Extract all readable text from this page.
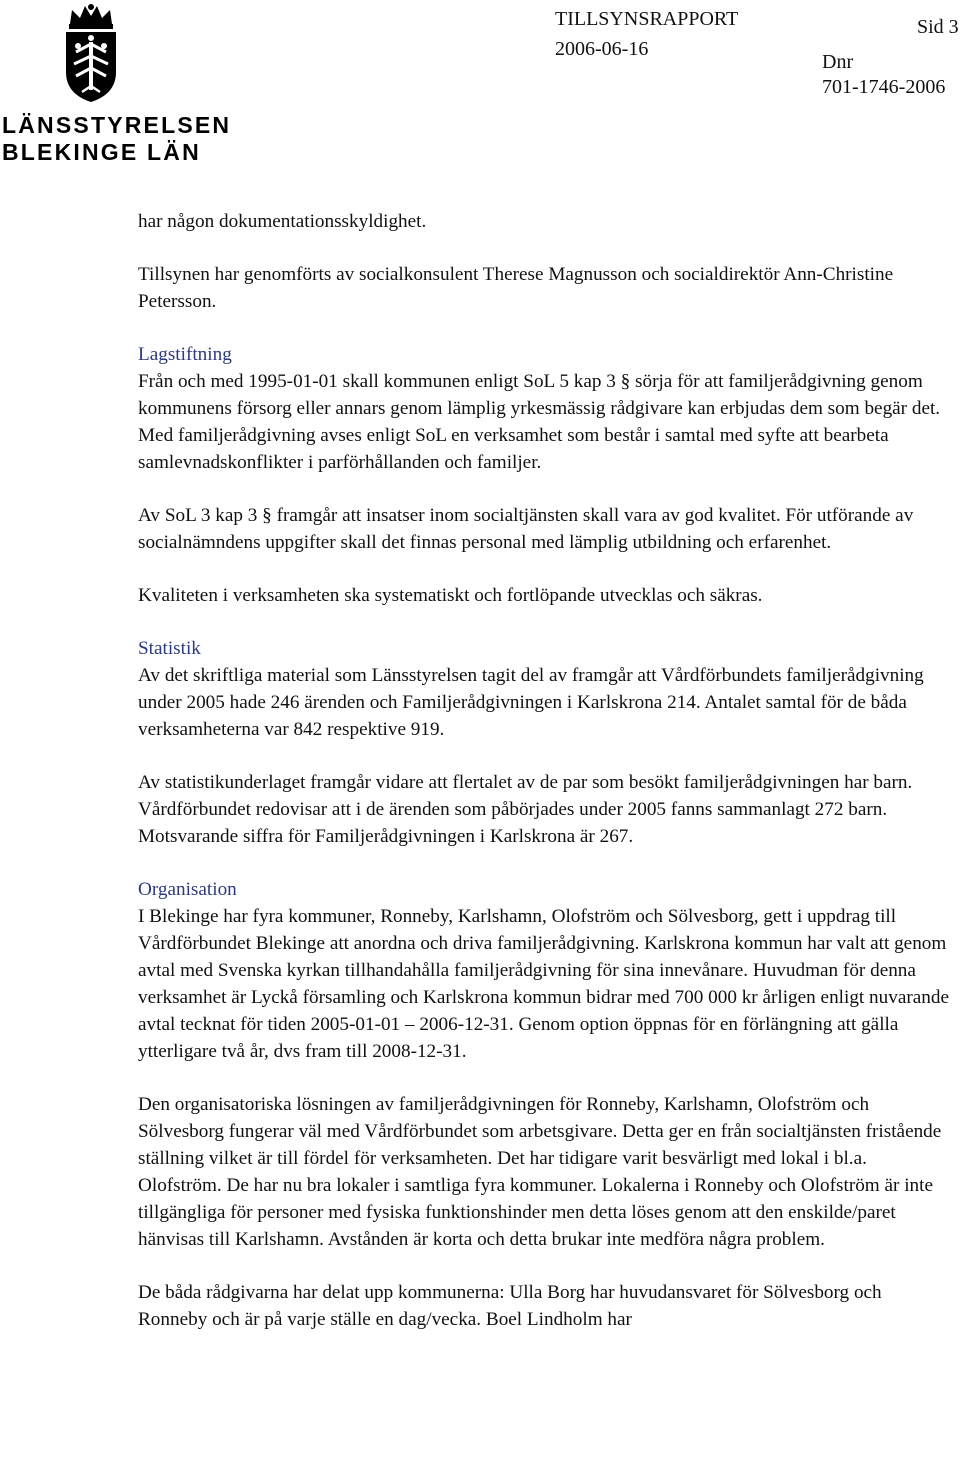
LÄNSSTYRELSEN
BLEKINGE LÄN
TILLSYNSRAPPORT
2006-06-16
Sid 3
Dnr
701-1746-2006

har någon dokumentationsskyldighet.

Tillsynen har genomförts av socialkonsulent Therese Magnusson och socialdirektör Ann-Christine Petersson.

Lagstiftning

Från och med 1995-01-01 skall kommunen enligt SoL 5 kap 3 § sörja för att familjerådgivning genom kommunens försorg eller annars genom lämplig yrkesmässig rådgivare kan erbjudas dem som begär det.

Med familjerådgivning avses enligt SoL en verksamhet som består i samtal med syfte att bearbeta samlevnadskonflikter i parförhållanden och familjer.

Av SoL 3 kap 3 § framgår att insatser inom socialtjänsten skall vara av god kvalitet. För utförande av socialnämndens uppgifter skall det finnas personal med lämplig utbildning och erfarenhet.

Kvaliteten i verksamheten ska systematiskt och fortlöpande utvecklas och säkras.

Statistik

Av det skriftliga material som Länsstyrelsen tagit del av framgår att Vårdförbundets familjerådgivning under 2005 hade 246 ärenden och Familjerådgivningen i Karlskrona 214. Antalet samtal för de båda verksamheterna var 842 respektive 919.

Av statistikunderlaget framgår vidare att flertalet av de par som besökt familjerådgivningen har barn. Vårdförbundet redovisar att i de ärenden som påbörjades under 2005 fanns sammanlagt 272 barn. Motsvarande siffra för Familjerådgivningen i Karlskrona är 267.

Organisation

I Blekinge har fyra kommuner, Ronneby, Karlshamn, Olofström och Sölvesborg, gett i uppdrag till Vårdförbundet Blekinge att anordna och driva familjerådgivning. Karlskrona kommun har valt att genom avtal med Svenska kyrkan tillhandahålla familjerådgivning för sina innevånare. Huvudman för denna verksamhet är Lyckå församling och Karlskrona kommun bidrar med 700 000 kr årligen enligt nuvarande avtal tecknat för tiden 2005-01-01 – 2006-12-31. Genom option öppnas för en förlängning att gälla ytterligare två år, dvs fram till 2008-12-31.

Den organisatoriska lösningen av familjerådgivningen för Ronneby, Karlshamn, Olofström och Sölvesborg fungerar väl med Vårdförbundet som arbetsgivare. Detta ger en från socialtjänsten fristående ställning vilket är till fördel för verksamheten. Det har tidigare varit besvärligt med lokal i bl.a. Olofström. De har nu bra lokaler i samtliga fyra kommuner. Lokalerna i Ronneby och Olofström är inte tillgängliga för personer med fysiska funktionshinder men detta löses genom att den enskilde/paret hänvisas till Karlshamn. Avstånden är korta och detta brukar inte medföra några problem.

De båda rådgivarna har delat upp kommunerna: Ulla Borg har huvudansvaret för Sölvesborg och Ronneby och är på varje ställe en dag/vecka. Boel Lindholm har
